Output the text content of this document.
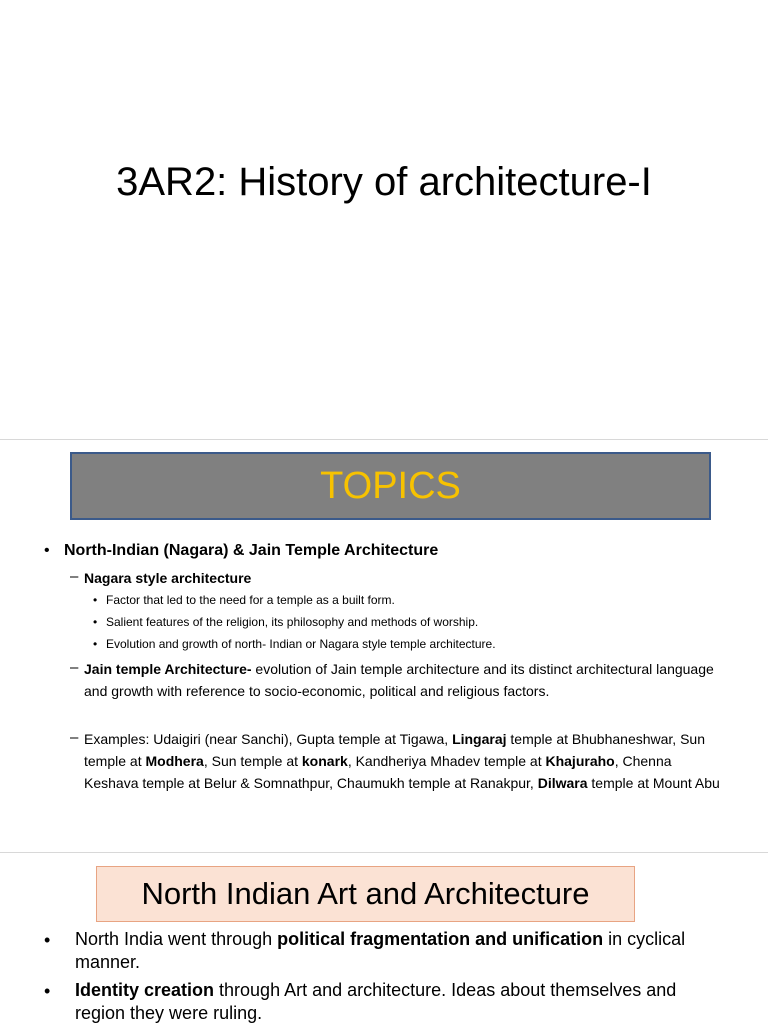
3AR2: History of architecture-I
TOPICS
• North-Indian (Nagara) & Jain Temple Architecture
– Nagara style architecture
• Factor that led to the need for a temple as a built form.
• Salient features of the religion, its philosophy and methods of worship.
• Evolution and growth of north- Indian or Nagara style temple architecture.
– Jain temple Architecture- evolution of Jain temple architecture and its distinct architectural language and growth with reference to socio-economic, political and religious factors.
– Examples: Udaigiri (near Sanchi), Gupta temple at Tigawa, Lingaraj temple at Bhubhaneshwar, Sun temple at Modhera, Sun temple at konark, Kandheriya Mhadev temple at Khajuraho, Chenna Keshava temple at Belur & Somnathpur, Chaumukh temple at Ranakpur, Dilwara temple at Mount Abu
North Indian Art and Architecture
• North India went through political fragmentation and unification in cyclical manner.
• Identity creation through Art and architecture. Ideas about themselves and region they were ruling.
